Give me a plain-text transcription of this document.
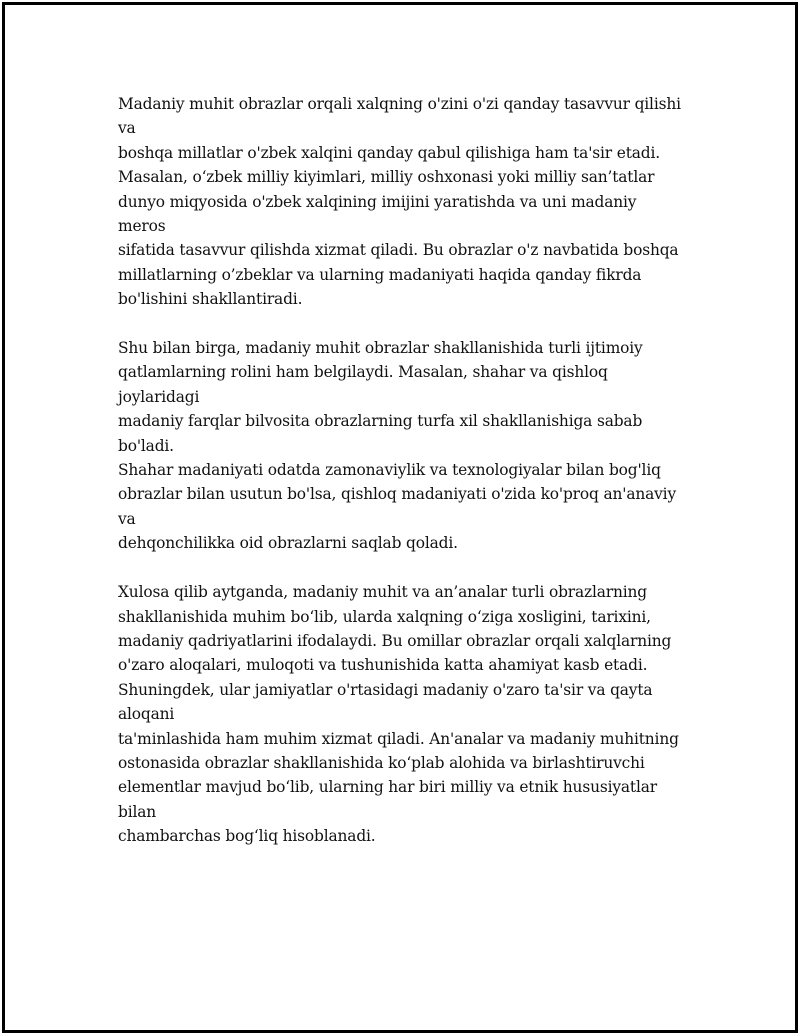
Madaniy muhit obrazlar orqali xalqning o'zini o'zi qanday tasavvur qilishi va
boshqa millatlar o'zbek xalqini qanday qabul qilishiga ham ta'sir etadi.
Masalan, o‘zbek milliy kiyimlari, milliy oshxonasi yoki milliy san’tatlar
dunyo miqyosida o'zbek xalqining imijini yaratishda va uni madaniy meros
sifatida tasavvur qilishda xizmat qiladi. Bu obrazlar o'z navbatida boshqa
millatlarning o’zbeklar va ularning madaniyati haqida qanday fikrda
bo'lishini shakllantiradi.

Shu bilan birga, madaniy muhit obrazlar shakllanishida turli ijtimoiy
qatlamlarning rolini ham belgilaydi. Masalan, shahar va qishloq joylaridagi
madaniy farqlar bilvosita obrazlarning turfa xil shakllanishiga sabab bo'ladi.
Shahar madaniyati odatda zamonaviylik va texnologiyalar bilan bog'liq
obrazlar bilan usutun bo'lsa, qishloq madaniyati o'zida ko'proq an'anaviy va
dehqonchilikka oid obrazlarni saqlab qoladi.

Xulosa qilib aytganda, madaniy muhit va an’analar turli obrazlarning
shakllanishida muhim bo‘lib, ularda xalqning o‘ziga xosligini, tarixini,
madaniy qadriyatlarini ifodalaydi. Bu omillar obrazlar orqali xalqlarning
o'zaro aloqalari, muloqoti va tushunishida katta ahamiyat kasb etadi.
Shuningdek, ular jamiyatlar o'rtasidagi madaniy o'zaro ta'sir va qayta aloqani
ta'minlashida ham muhim xizmat qiladi. An'analar va madaniy muhitning
ostonasida obrazlar shakllanishida ko‘plab alohida va birlashtiruvchi
elementlar mavjud bo‘lib, ularning har biri milliy va etnik hususiyatlar bilan
chambarchas bog‘liq hisoblanadi.
